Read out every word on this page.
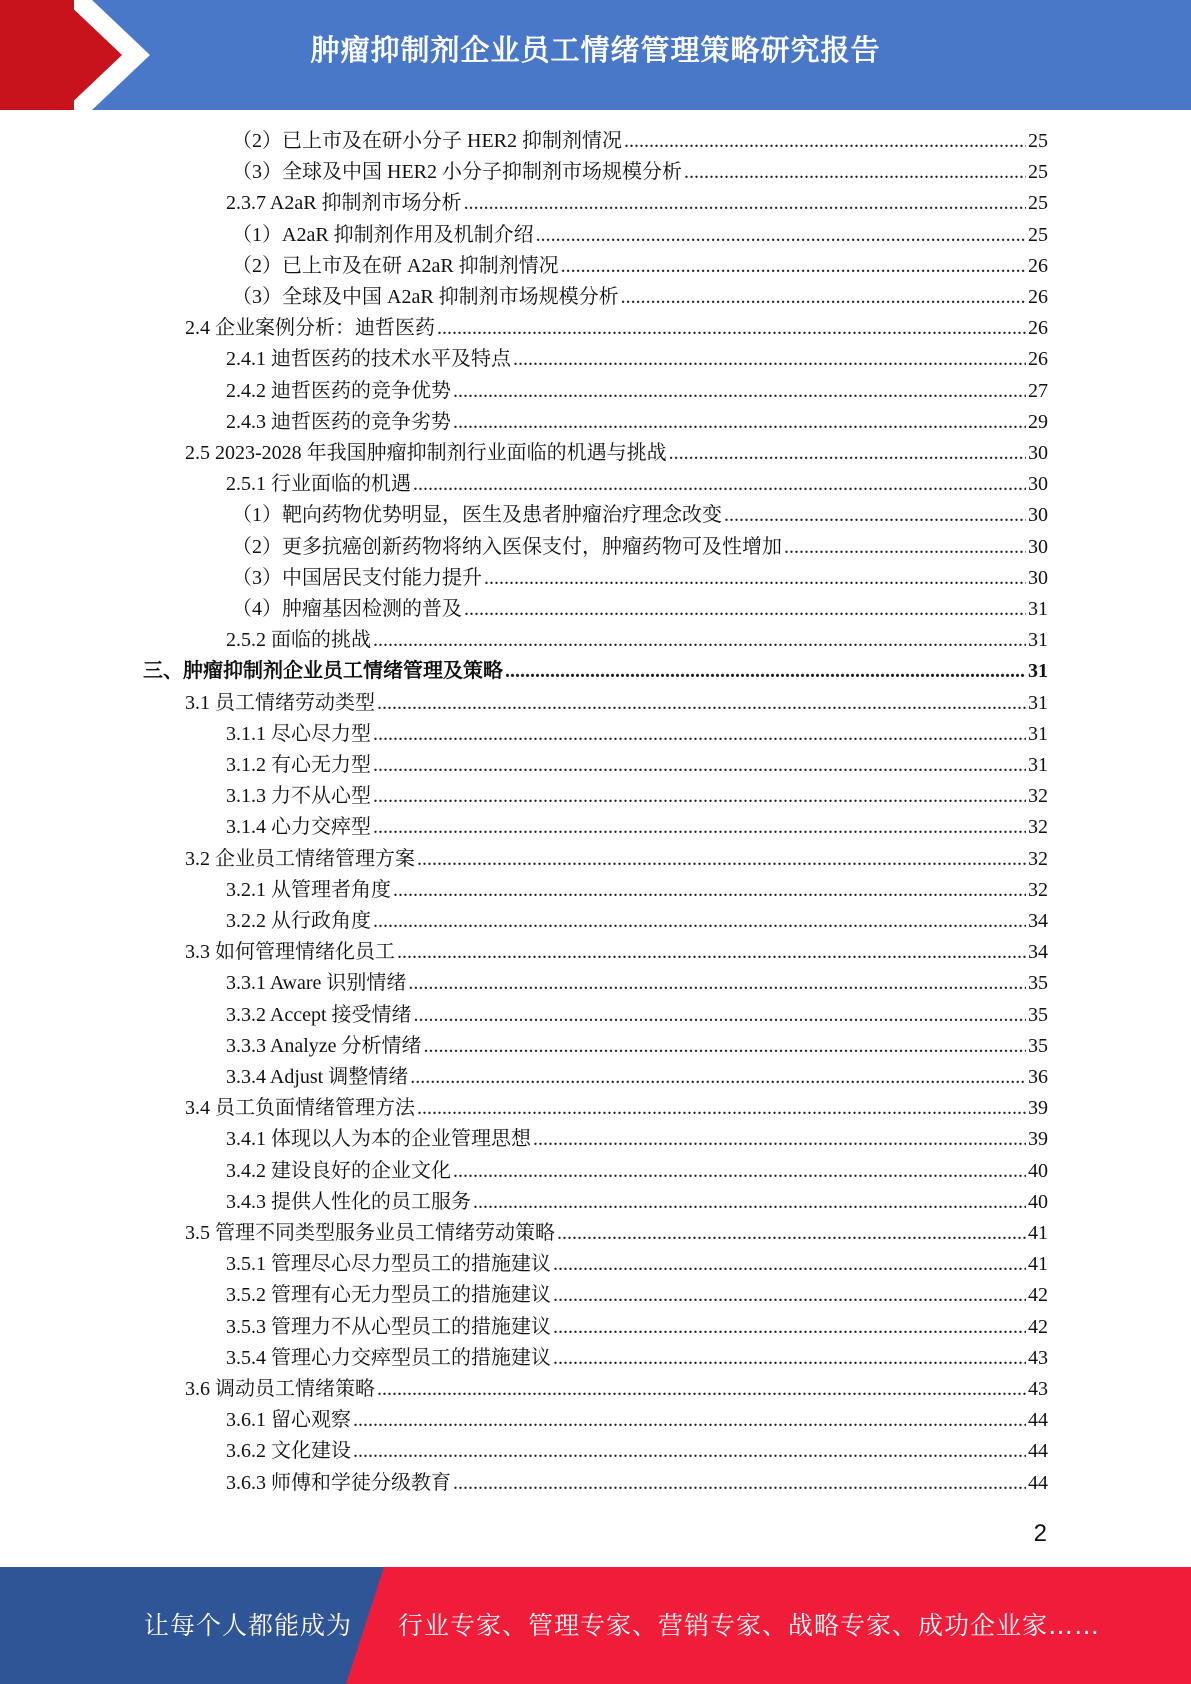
肿瘤抑制剂企业员工情绪管理策略研究报告
（2）已上市及在研小分子 HER2 抑制剂情况 .....	25
（3）全球及中国 HER2 小分子抑制剂市场规模分析 .....	25
2.3.7 A2aR 抑制剂市场分析 .....	25
（1）A2aR 抑制剂作用及机制介绍 .....	25
（2）已上市及在研 A2aR 抑制剂情况 .....	26
（3）全球及中国 A2aR 抑制剂市场规模分析 .....	26
2.4 企业案例分析：迪哲医药 .....	26
2.4.1 迪哲医药的技术水平及特点 .....	26
2.4.2 迪哲医药的竞争优势 .....	27
2.4.3 迪哲医药的竞争劣势 .....	29
2.5 2023-2028 年我国肿瘤抑制剂行业面临的机遇与挑战 .....	30
2.5.1 行业面临的机遇 .....	30
（1）靶向药物优势明显，医生及患者肿瘤治疗理念改变 .....	30
（2）更多抗癌创新药物将纳入医保支付，肿瘤药物可及性增加 .....	30
（3）中国居民支付能力提升 .....	30
（4）肿瘤基因检测的普及 .....	31
2.5.2 面临的挑战 .....	31
三、肿瘤抑制剂企业员工情绪管理及策略 .....	31
3.1 员工情绪劳动类型 .....	31
3.1.1 尽心尽力型 .....	31
3.1.2 有心无力型 .....	31
3.1.3 力不从心型 .....	32
3.1.4 心力交瘁型 .....	32
3.2 企业员工情绪管理方案 .....	32
3.2.1 从管理者角度 .....	32
3.2.2 从行政角度 .....	34
3.3 如何管理情绪化员工 .....	34
3.3.1 Aware 识别情绪 .....	35
3.3.2 Accept 接受情绪 .....	35
3.3.3 Analyze 分析情绪 .....	35
3.3.4 Adjust 调整情绪 .....	36
3.4 员工负面情绪管理方法 .....	39
3.4.1 体现以人为本的企业管理思想 .....	39
3.4.2 建设良好的企业文化 .....	40
3.4.3 提供人性化的员工服务 .....	40
3.5 管理不同类型服务业员工情绪劳动策略 .....	41
3.5.1 管理尽心尽力型员工的措施建议 .....	41
3.5.2 管理有心无力型员工的措施建议 .....	42
3.5.3 管理力不从心型员工的措施建议 .....	42
3.5.4 管理心力交瘁型员工的措施建议 .....	43
3.6 调动员工情绪策略 .....	43
3.6.1 留心观察 .....	44
3.6.2 文化建设 .....	44
3.6.3 师傅和学徒分级教育 .....	44
2
让每个人都能成为 行业专家、管理专家、营销专家、战略专家、成功企业家……
